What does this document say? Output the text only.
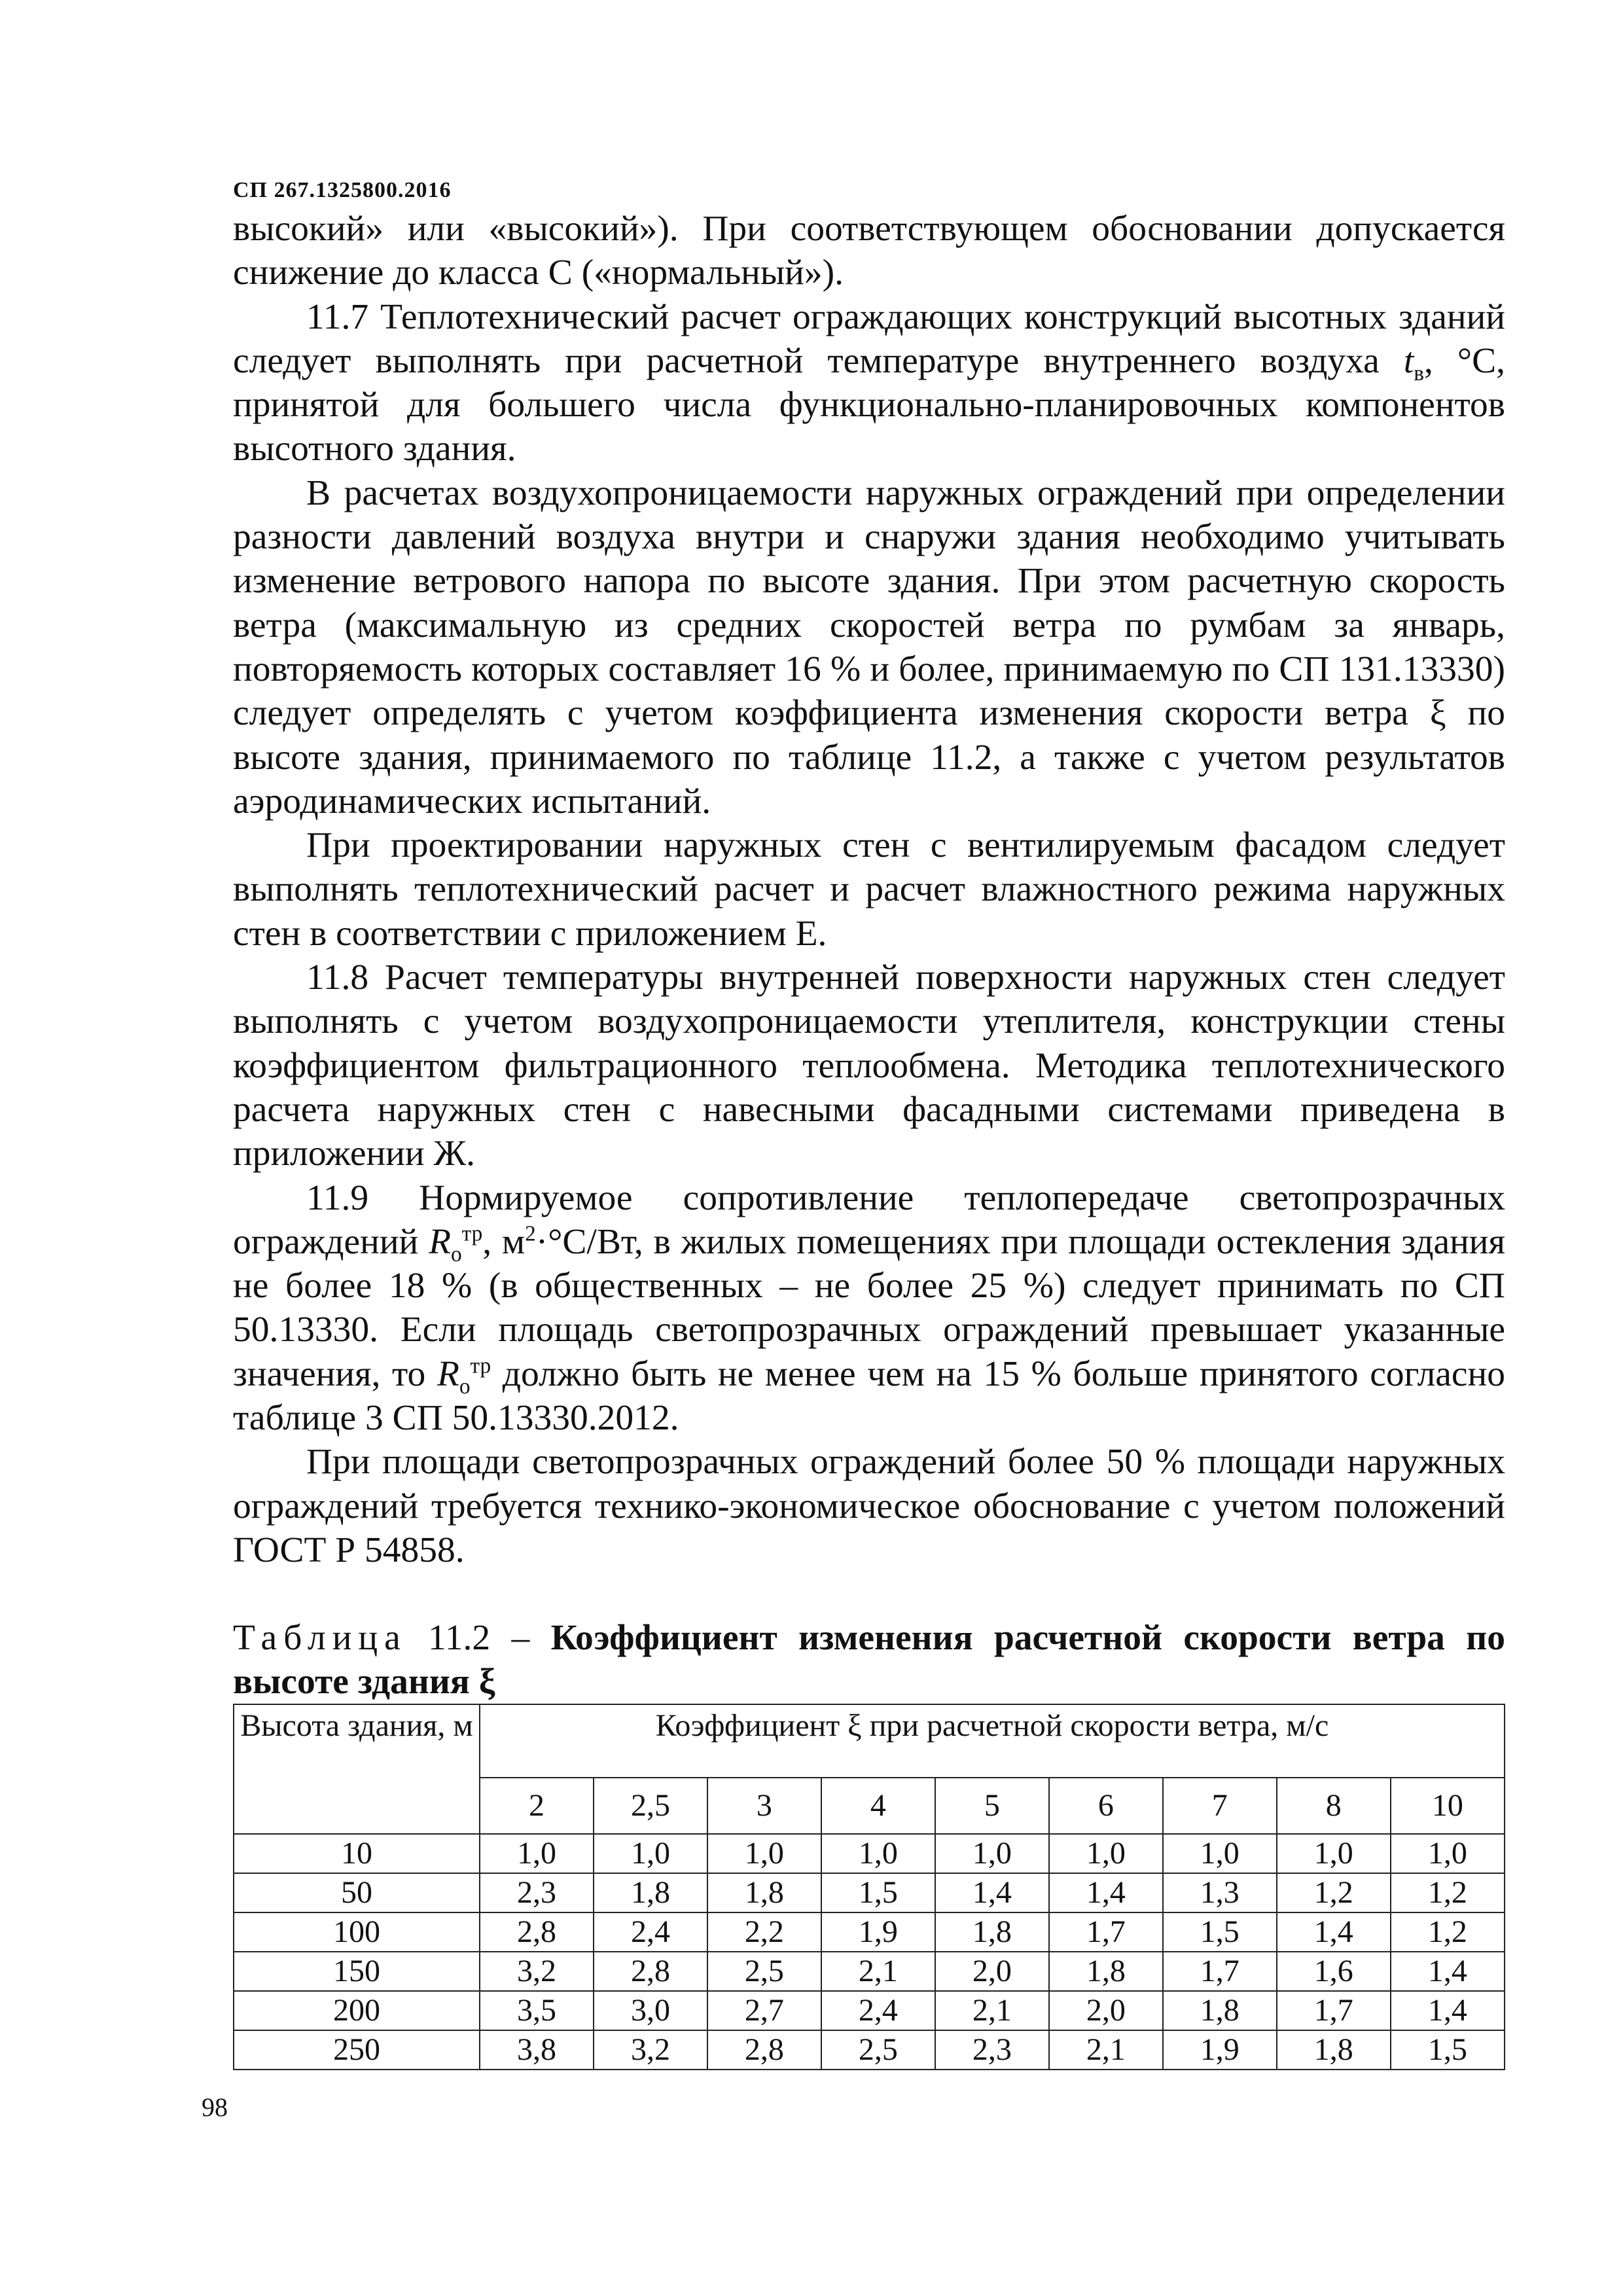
СП 267.1325800.2016

высокий» или «высокий»). При соответствующем обосновании допускается снижение до класса С («нормальный»).

11.7 Теплотехнический расчет ограждающих конструкций высотных зданий следует выполнять при расчетной температуре внутреннего воздуха $t_в$, °С, принятой для большего числа функционально-планировочных компонентов высотного здания.

В расчетах воздухопроницаемости наружных ограждений при определении разности давлений воздуха внутри и снаружи здания необходимо учитывать изменение ветрового напора по высоте здания. При этом расчетную скорость ветра (максимальную из средних скоростей ветра по румбам за январь, повторяемость которых составляет 16 % и более, принимаемую по СП 131.13330) следует определять с учетом коэффициента изменения скорости ветра ξ по высоте здания, принимаемого по таблице 11.2, а также с учетом результатов аэродинамических испытаний.

При проектировании наружных стен с вентилируемым фасадом следует выполнять теплотехнический расчет и расчет влажностного режима наружных стен в соответствии с приложением Е.

11.8 Расчет температуры внутренней поверхности наружных стен следует выполнять с учетом воздухопроницаемости утеплителя, конструкции стены коэффициентом фильтрационного теплообмена. Методика теплотехнического расчета наружных стен с навесными фасадными системами приведена в приложении Ж.

11.9 Нормируемое сопротивление теплопередаче светопрозрачных ограждений $R_о^{тр}$, $м^2\cdot^\circ С/Вт$, в жилых помещениях при площади остекления здания не более 18 % (в общественных – не более 25 %) следует принимать по СП 50.13330. Если площадь светопрозрачных ограждений превышает указанные значения, то $R_о^{тр}$ должно быть не менее чем на 15 % больше принятого согласно таблице 3 СП 50.13330.2012.

При площади светопрозрачных ограждений более 50 % площади наружных ограждений требуется технико-экономическое обоснование с учетом положений ГОСТ Р 54858.

Таблица 11.2 – Коэффициент изменения расчетной скорости ветра по высоте здания ξ

Высота здания, м	Коэффициент ξ при расчетной скорости ветра, м/с								
	2	2,5	3	4	5	6	7	8	10
10	1,0	1,0	1,0	1,0	1,0	1,0	1,0	1,0	1,0
50	2,3	1,8	1,8	1,5	1,4	1,4	1,3	1,2	1,2
100	2,8	2,4	2,2	1,9	1,8	1,7	1,5	1,4	1,2
150	3,2	2,8	2,5	2,1	2,0	1,8	1,7	1,6	1,4
200	3,5	3,0	2,7	2,4	2,1	2,0	1,8	1,7	1,4
250	3,8	3,2	2,8	2,5	2,3	2,1	1,9	1,8	1,5
98
